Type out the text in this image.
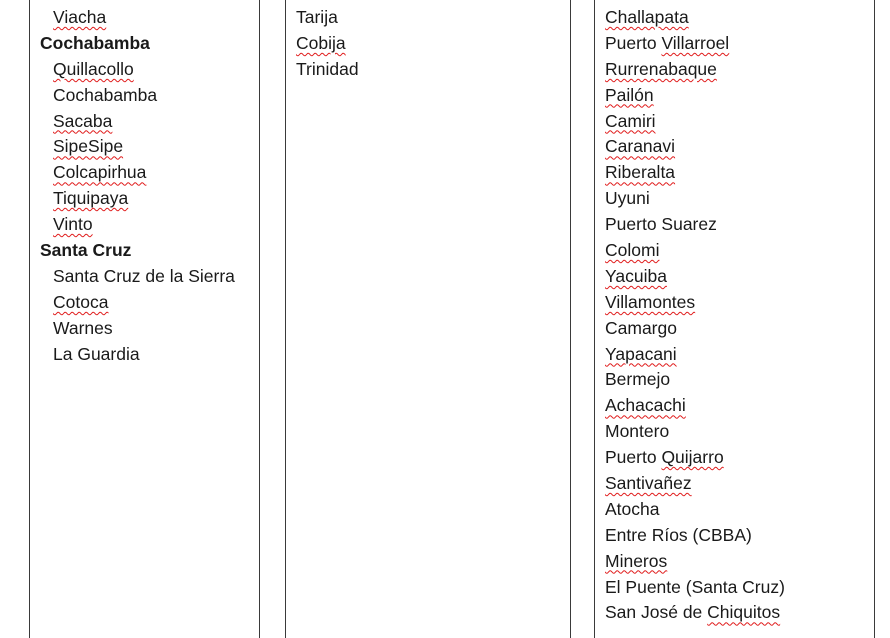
Viacha
Cochabamba
Quillacollo
Cochabamba
Sacaba
SipeSipe
Colcapirhua
Tiquipaya
Vinto
Santa Cruz
Santa Cruz de la Sierra
Cotoca
Warnes
La Guardia
Tarija
Cobija
Trinidad
Challapata
Puerto Villarroel
Rurrenabaque
Pailón
Camiri
Caranavi
Riberalta
Uyuni
Puerto Suarez
Colomi
Yacuiba
Villamontes
Camargo
Yapacani
Bermejo
Achacachi
Montero
Puerto Quijarro
Santivañez
Atocha
Entre Ríos (CBBA)
Mineros
El Puente (Santa Cruz)
San José de Chiquitos
